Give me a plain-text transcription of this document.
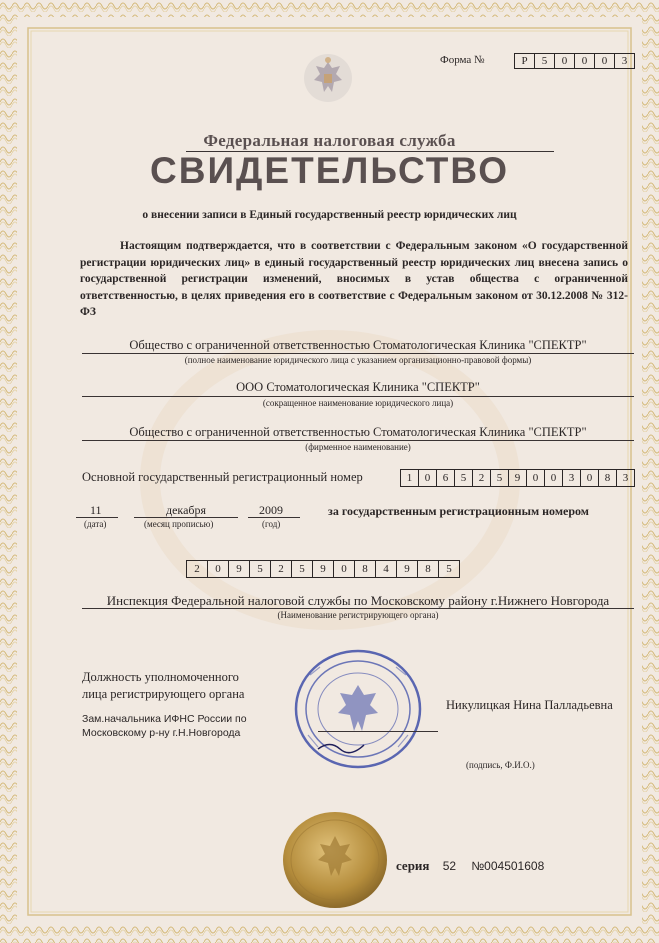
Форма №	Р	5	0	0	0	3
Федеральная налоговая служба
СВИДЕТЕЛЬСТВО
о внесении записи в Единый государственный реестр юридических лиц
Настоящим подтверждается, что в соответствии с Федеральным законом «О государственной регистрации юридических лиц» в единый государственный реестр юридических лиц внесена запись о государственной регистрации изменений, вносимых в устав общества с ограниченной ответственностью, в целях приведения его в соответствие с Федеральным законом от 30.12.2008 № 312-ФЗ
Общество с ограниченной ответственностью Стоматологическая Клиника "СПЕКТР"
(полное наименование юридического лица с указанием организационно-правовой формы)
ООО Стоматологическая Клиника "СПЕКТР"
(сокращенное наименование юридического лица)
Общество с ограниченной ответственностью Стоматологическая Клиника "СПЕКТР"
(фирменное наименование)
Основной государственный регистрационный номер	1	0	6	5	2	5	9	0	0	3	0	8	3
11
(дата)
декабря
(месяц прописью)
2009
(год)
за государственным регистрационным номером
2	0	9	5	2	5	9	0	8	4	9	8	5
Инспекция Федеральной налоговой службы по Московскому району г.Нижнего Новгорода
(Наименование регистрирующего органа)
Должность уполномоченного
лица регистрирующего органа
Зам.начальника ИФНС России по
Московскому р-ну г.Н.Новгорода
Никулицкая Нина Палладьевна
(подпись, Ф.И.О.)
серия 52 №004501608
